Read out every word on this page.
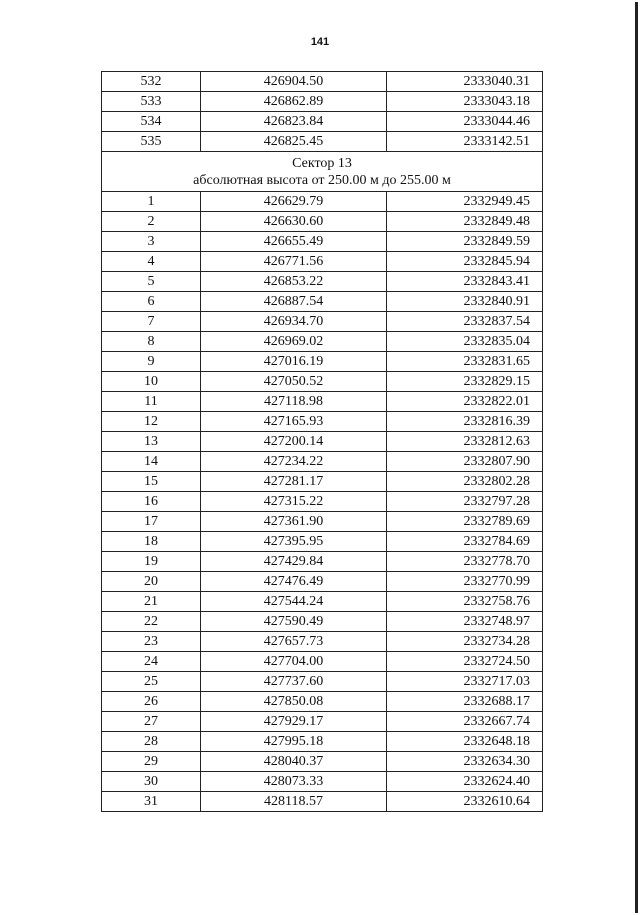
141
532	426904.50	2333040.31
533	426862.89	2333043.18
534	426823.84	2333044.46
535	426825.45	2333142.51

Сектор 13
абсолютная высота от 250.00 м до 255.00 м		

1	426629.79	2332949.45
2	426630.60	2332849.48
3	426655.49	2332849.59
4	426771.56	2332845.94
5	426853.22	2332843.41
6	426887.54	2332840.91
7	426934.70	2332837.54
8	426969.02	2332835.04
9	427016.19	2332831.65
10	427050.52	2332829.15
11	427118.98	2332822.01
12	427165.93	2332816.39
13	427200.14	2332812.63
14	427234.22	2332807.90
15	427281.17	2332802.28
16	427315.22	2332797.28
17	427361.90	2332789.69
18	427395.95	2332784.69
19	427429.84	2332778.70
20	427476.49	2332770.99
21	427544.24	2332758.76
22	427590.49	2332748.97
23	427657.73	2332734.28
24	427704.00	2332724.50
25	427737.60	2332717.03
26	427850.08	2332688.17
27	427929.17	2332667.74
28	427995.18	2332648.18
29	428040.37	2332634.30
30	428073.33	2332624.40
31	428118.57	2332610.64
